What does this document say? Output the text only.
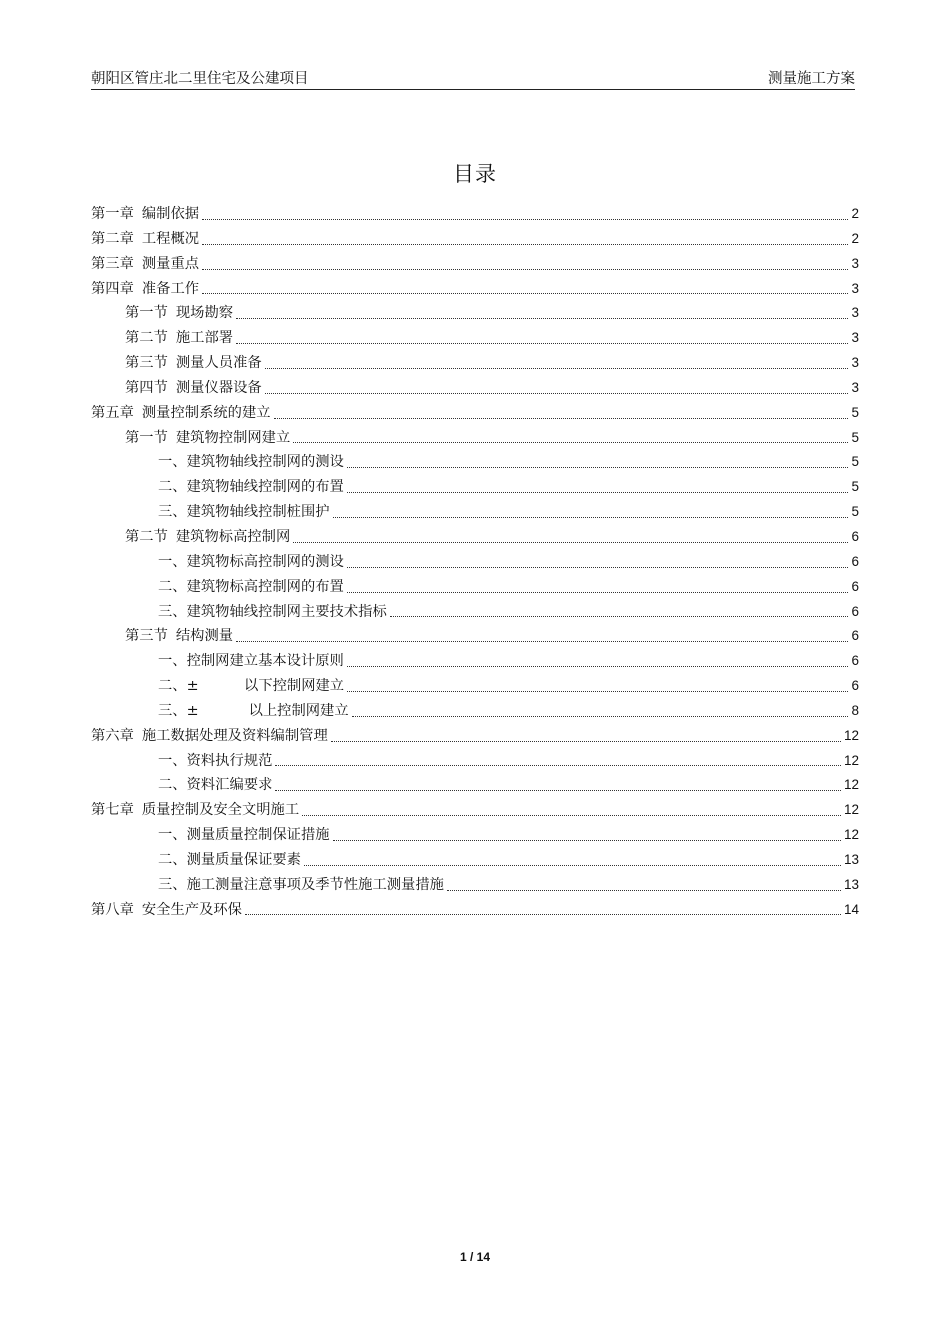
朝阳区管庄北二里住宅及公建项目	测量施工方案
目录
第一章 编制依据	2
第二章 工程概况	2
第三章 测量重点	3
第四章 准备工作	3
第一节 现场勘察	3
第二节 施工部署	3
第三节 测量人员准备	3
第四节 测量仪器设备	3
第五章 测量控制系统的建立	5
第一节 建筑物控制网建立	5
一、建筑物轴线控制网的测设	5
二、建筑物轴线控制网的布置	5
三、建筑物轴线控制桩围护	5
第二节 建筑物标高控制网	6
一、建筑物标高控制网的测设	6
二、建筑物标高控制网的布置	6
三、建筑物轴线控制网主要技术指标	6
第三节 结构测量	6
一、控制网建立基本设计原则	6
二、±          以下控制网建立	6
三、±           以上控制网建立	8
第六章 施工数据处理及资料编制管理	12
一、资料执行规范	12
二、资料汇编要求	12
第七章 质量控制及安全文明施工	12
一、测量质量控制保证措施	12
二、测量质量保证要素	13
三、施工测量注意事项及季节性施工测量措施	13
第八章 安全生产及环保	14
1 / 14
